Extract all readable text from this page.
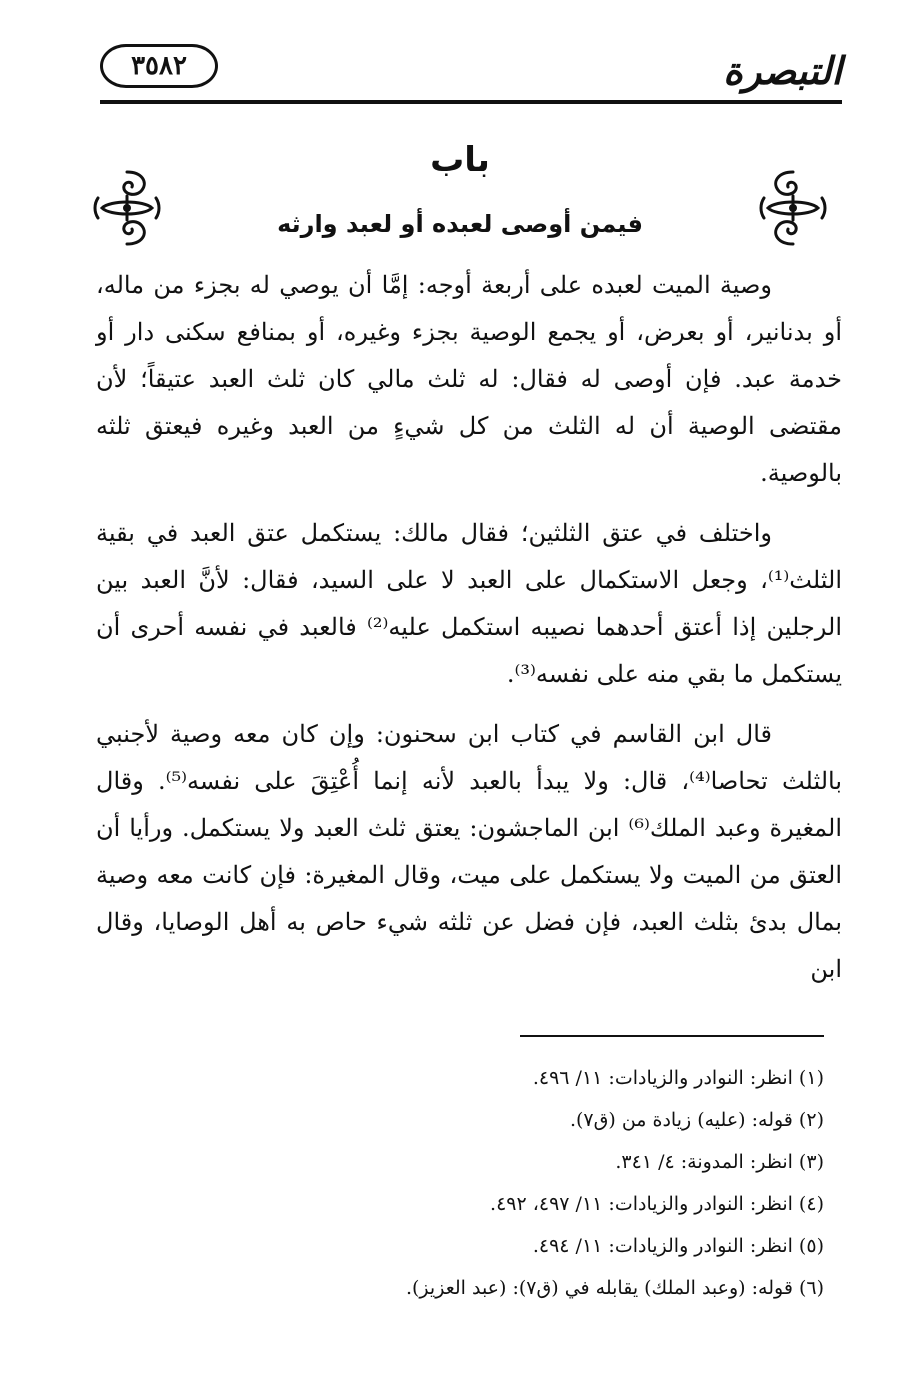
التبصرة
٣٥٨٢
باب
فيمن أوصى لعبده أو لعبد وارثه

وصية الميت لعبده على أربعة أوجه: إمَّا أن يوصي له بجزء من ماله، أو بدنانير، أو بعرض، أو يجمع الوصية بجزء وغيره، أو بمنافع سكنى دار أو خدمة عبد. فإن أوصى له فقال: له ثلث مالي كان ثلث العبد عتيقاً؛ لأن مقتضى الوصية أن له الثلث من كل شيءٍ من العبد وغيره فيعتق ثلثه بالوصية.

واختلف في عتق الثلثين؛ فقال مالك: يستكمل عتق العبد في بقية الثلث⁽¹⁾، وجعل الاستكمال على العبد لا على السيد، فقال: لأنَّ العبد بين الرجلين إذا أعتق أحدهما نصيبه استكمل عليه⁽²⁾ فالعبد في نفسه أحرى أن يستكمل ما بقي منه على نفسه⁽³⁾.

قال ابن القاسم في كتاب ابن سحنون: وإن كان معه وصية لأجنبي بالثلث تحاصا⁽⁴⁾، قال: ولا يبدأ بالعبد لأنه إنما أُعْتِقَ على نفسه⁽⁵⁾. وقال المغيرة وعبد الملك⁽⁶⁾ ابن الماجشون: يعتق ثلث العبد ولا يستكمل. ورأيا أن العتق من الميت ولا يستكمل على ميت، وقال المغيرة: فإن كانت معه وصية بمال بدئ بثلث العبد، فإن فضل عن ثلثه شيء حاص به أهل الوصايا، وقال ابن

(١) انظر: النوادر والزيادات: ١١/ ٤٩٦.
(٢) قوله: (عليه) زيادة من (ق٧).
(٣) انظر: المدونة: ٤/ ٣٤١.
(٤) انظر: النوادر والزيادات: ١١/ ٤٩٧، ٤٩٢.
(٥) انظر: النوادر والزيادات: ١١/ ٤٩٤.
(٦) قوله: (وعبد الملك) يقابله في (ق٧): (عبد العزيز).
